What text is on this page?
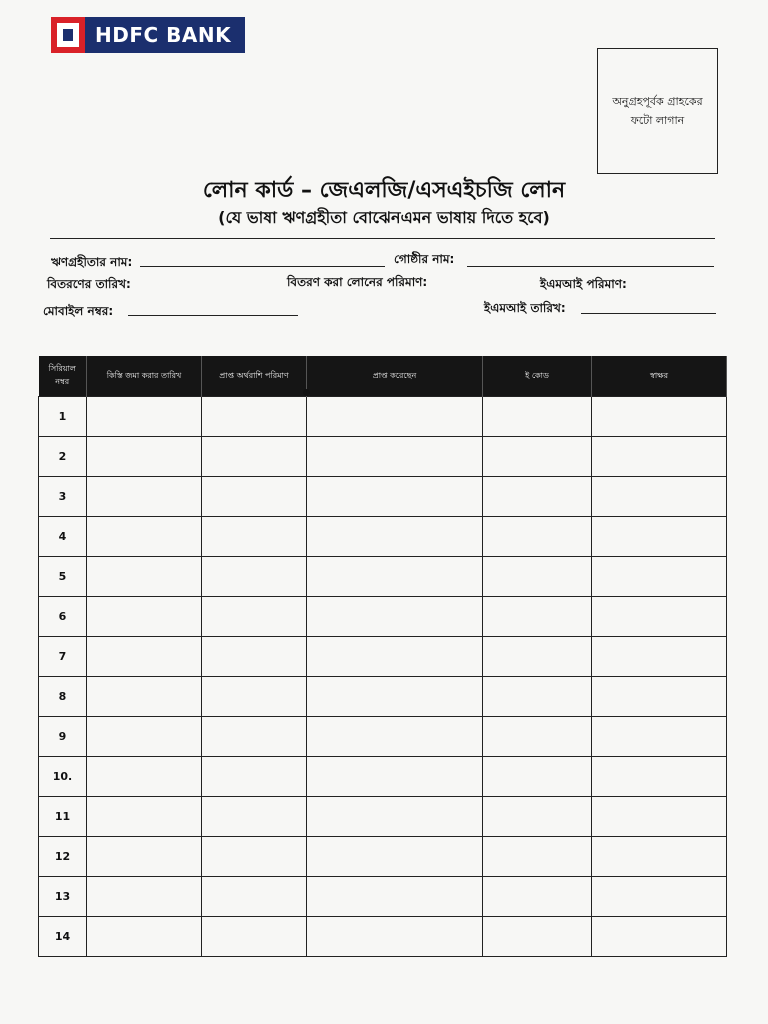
HDFC BANK
অনুগ্রহপূর্বক গ্রাহকের ফটো লাগান
লোন কার্ড – জেএলজি/এসএইচজি লোন
(যে ভাষা ঋণগ্রহীতা বোঝেনএমন ভাষায় দিতে হবে)
ঋণগ্রহীতার নাম:	গোষ্ঠীর নাম:
বিতরণের তারিখ:	বিতরণ করা লোনের পরিমাণ:	ইএমআই পরিমাণ:
মোবাইল নম্বর:	ইএমআই তারিখ:
সিরিয়াল নম্বর	কিস্তি জমা করার তারিখ	প্রাপ্ত অর্থরাশি পরিমাণ	প্রাপ্ত করেছেন	ই কোড	স্বাক্ষর
1					
2					
3					
4					
5					
6					
7					
8					
9					
10.					
11					
12					
13					
14					
